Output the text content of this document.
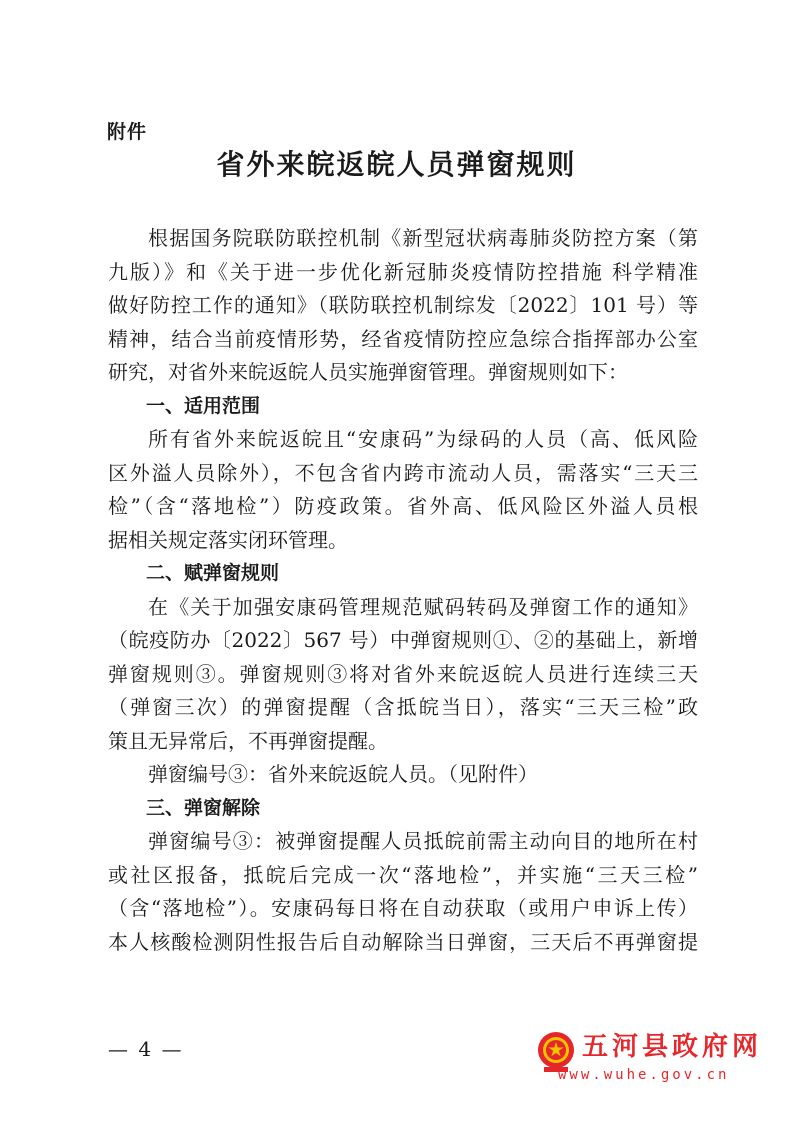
附件
省外来皖返皖人员弹窗规则
根据国务院联防联控机制《新型冠状病毒肺炎防控方案（第
九版）》和《关于进一步优化新冠肺炎疫情防控措施 科学精准
做好防控工作的通知》（联防联控机制综发〔2022〕101 号）等
精神，结合当前疫情形势，经省疫情防控应急综合指挥部办公室
研究，对省外来皖返皖人员实施弹窗管理。弹窗规则如下：
一、适用范围
所有省外来皖返皖且“安康码”为绿码的人员（高、低风险
区外溢人员除外），不包含省内跨市流动人员，需落实“三天三
检”（含“落地检”）防疫政策。省外高、低风险区外溢人员根
据相关规定落实闭环管理。
二、赋弹窗规则
在《关于加强安康码管理规范赋码转码及弹窗工作的通知》
（皖疫防办〔2022〕567 号）中弹窗规则①、②的基础上，新增
弹窗规则③。弹窗规则③将对省外来皖返皖人员进行连续三天
（弹窗三次）的弹窗提醒（含抵皖当日），落实“三天三检”政
策且无异常后，不再弹窗提醒。
弹窗编号③：省外来皖返皖人员。（见附件）
三、弹窗解除
弹窗编号③：被弹窗提醒人员抵皖前需主动向目的地所在村
或社区报备，抵皖后完成一次“落地检”，并实施“三天三检”
（含“落地检”）。安康码每日将在自动获取（或用户申诉上传）
本人核酸检测阴性报告后自动解除当日弹窗，三天后不再弹窗提
— 4 —	五河县政府网
www.wuhe.gov.cn
